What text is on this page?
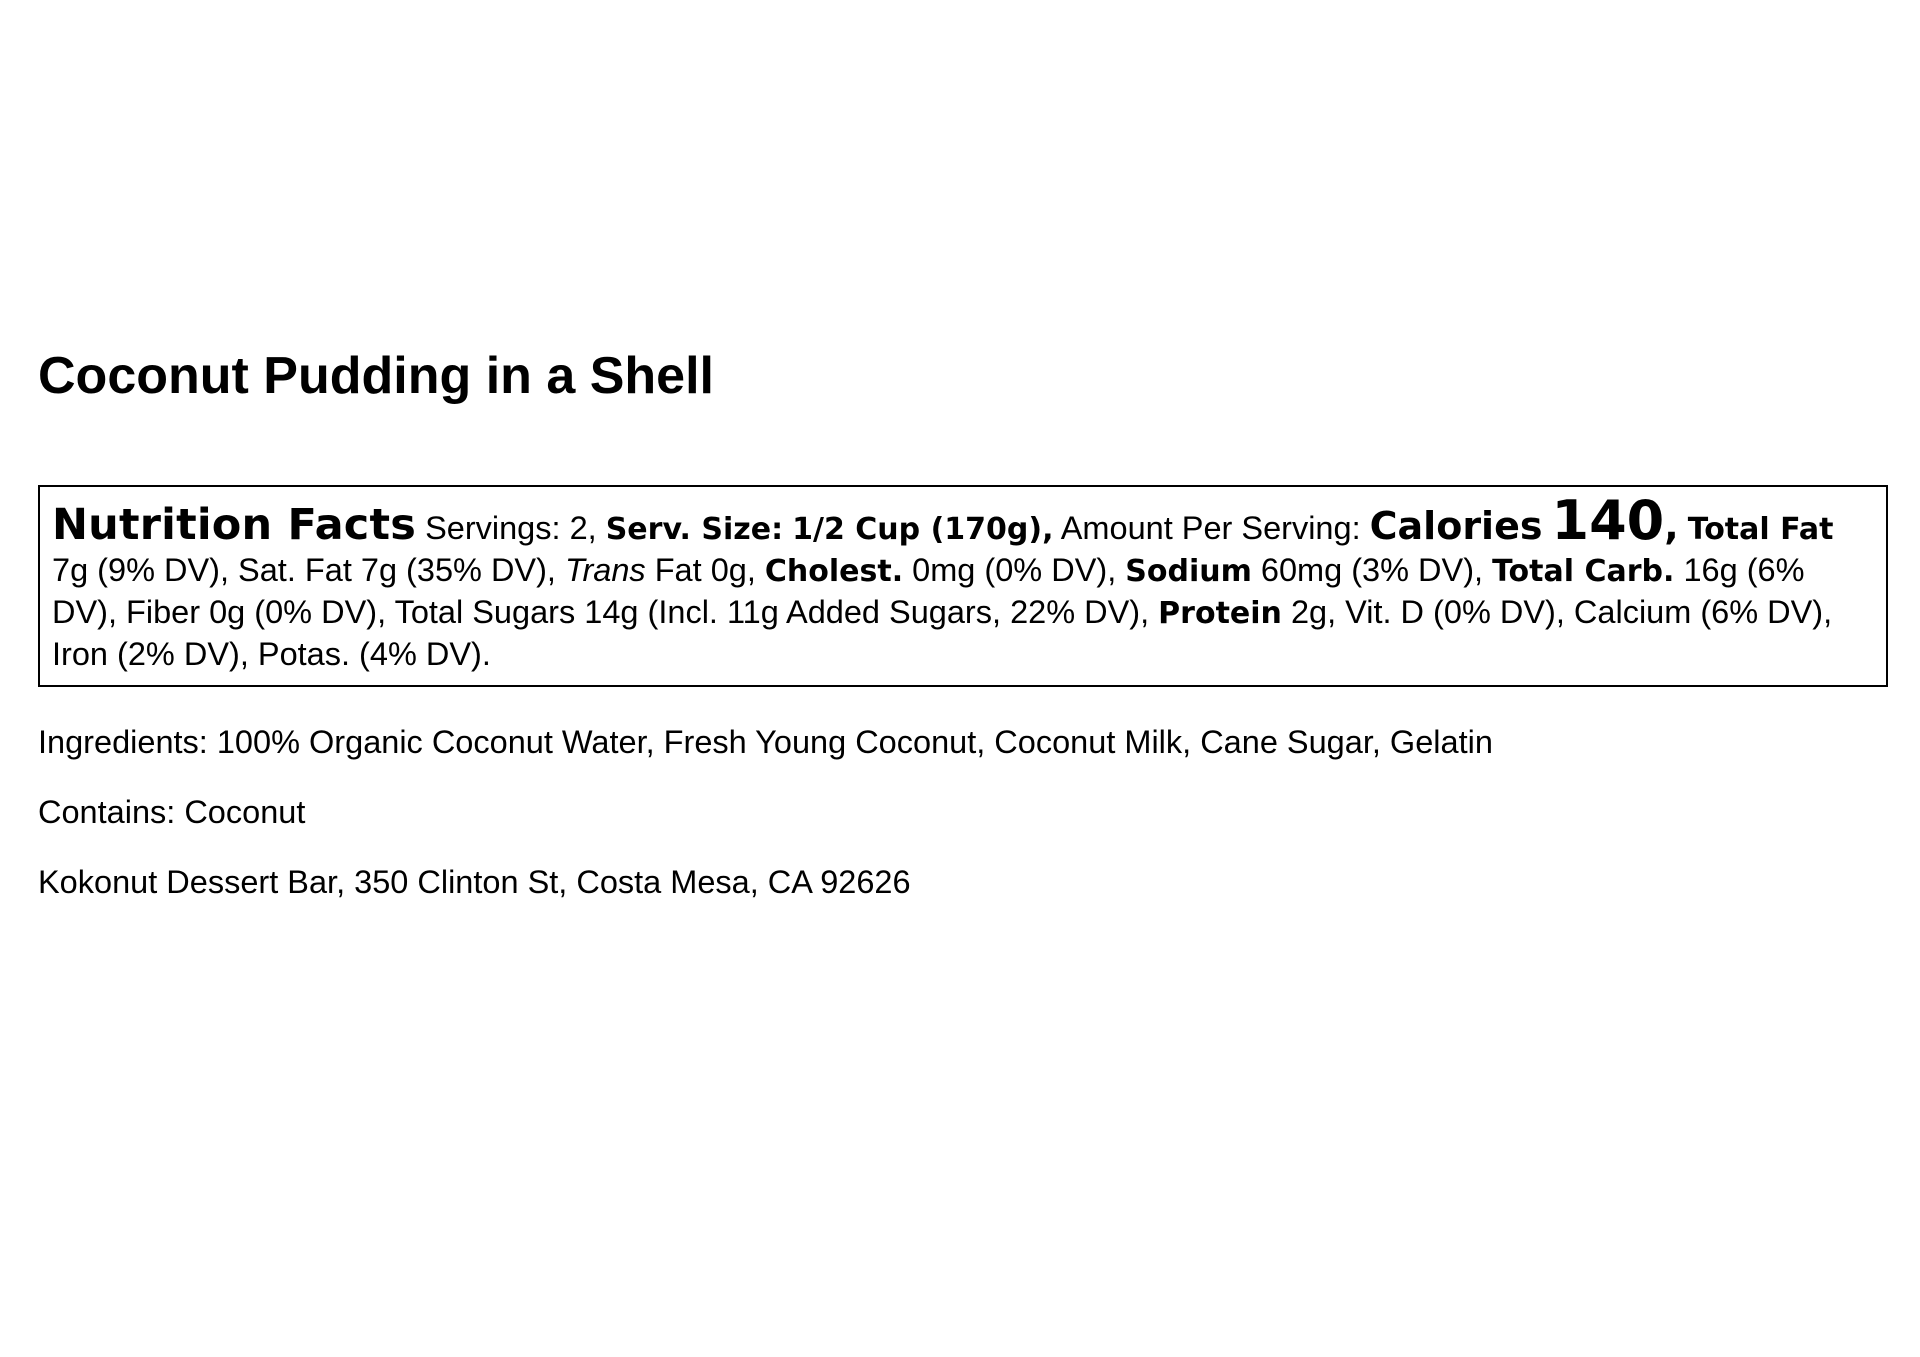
Coconut Pudding in a Shell
Nutrition Facts Servings: 2, Serv. Size: 1/2 Cup (170g), Amount Per Serving: Calories 140, Total Fat 7g (9% DV), Sat. Fat 7g (35% DV), Trans Fat 0g, Cholest. 0mg (0% DV), Sodium 60mg (3% DV), Total Carb. 16g (6% DV), Fiber 0g (0% DV), Total Sugars 14g (Incl. 11g Added Sugars, 22% DV), Protein 2g, Vit. D (0% DV), Calcium (6% DV), Iron (2% DV), Potas. (4% DV).

Ingredients: 100% Organic Coconut Water, Fresh Young Coconut, Coconut Milk, Cane Sugar, Gelatin

Contains: Coconut

Kokonut Dessert Bar, 350 Clinton St, Costa Mesa, CA 92626
